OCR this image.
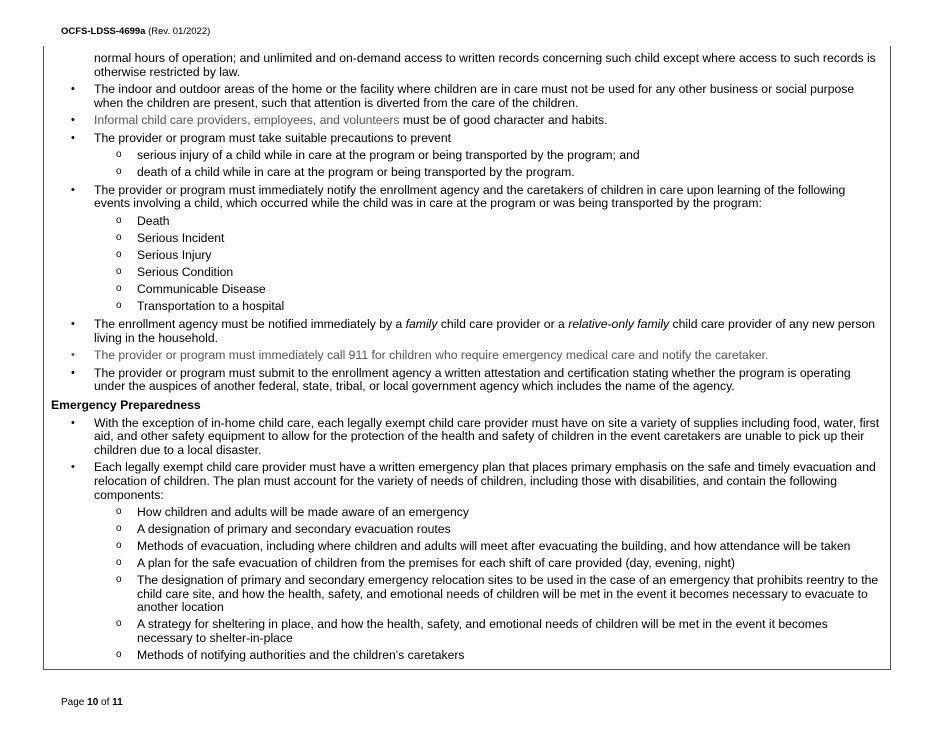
OCFS-LDSS-4699a (Rev. 01/2022)
normal hours of operation; and unlimited and on-demand access to written records concerning such child except where access to such records is otherwise restricted by law.
• The indoor and outdoor areas of the home or the facility where children are in care must not be used for any other business or social purpose when the children are present, such that attention is diverted from the care of the children.
• Informal child care providers, employees, and volunteers must be of good character and habits.
• The provider or program must take suitable precautions to prevent
o serious injury of a child while in care at the program or being transported by the program; and
o death of a child while in care at the program or being transported by the program.
• The provider or program must immediately notify the enrollment agency and the caretakers of children in care upon learning of the following events involving a child, which occurred while the child was in care at the program or was being transported by the program:
o Death
o Serious Incident
o Serious Injury
o Serious Condition
o Communicable Disease
o Transportation to a hospital
• The enrollment agency must be notified immediately by a family child care provider or a relative-only family child care provider of any new person living in the household.
• The provider or program must immediately call 911 for children who require emergency medical care and notify the caretaker.
• The provider or program must submit to the enrollment agency a written attestation and certification stating whether the program is operating under the auspices of another federal, state, tribal, or local government agency which includes the name of the agency.
Emergency Preparedness
• With the exception of in-home child care, each legally exempt child care provider must have on site a variety of supplies including food, water, first aid, and other safety equipment to allow for the protection of the health and safety of children in the event caretakers are unable to pick up their children due to a local disaster.
• Each legally exempt child care provider must have a written emergency plan that places primary emphasis on the safe and timely evacuation and relocation of children. The plan must account for the variety of needs of children, including those with disabilities, and contain the following components:
o How children and adults will be made aware of an emergency
o A designation of primary and secondary evacuation routes
o Methods of evacuation, including where children and adults will meet after evacuating the building, and how attendance will be taken
o A plan for the safe evacuation of children from the premises for each shift of care provided (day, evening, night)
o The designation of primary and secondary emergency relocation sites to be used in the case of an emergency that prohibits reentry to the child care site, and how the health, safety, and emotional needs of children will be met in the event it becomes necessary to evacuate to another location
o A strategy for sheltering in place, and how the health, safety, and emotional needs of children will be met in the event it becomes necessary to shelter-in-place
o Methods of notifying authorities and the children's caretakers
Page 10 of 11
